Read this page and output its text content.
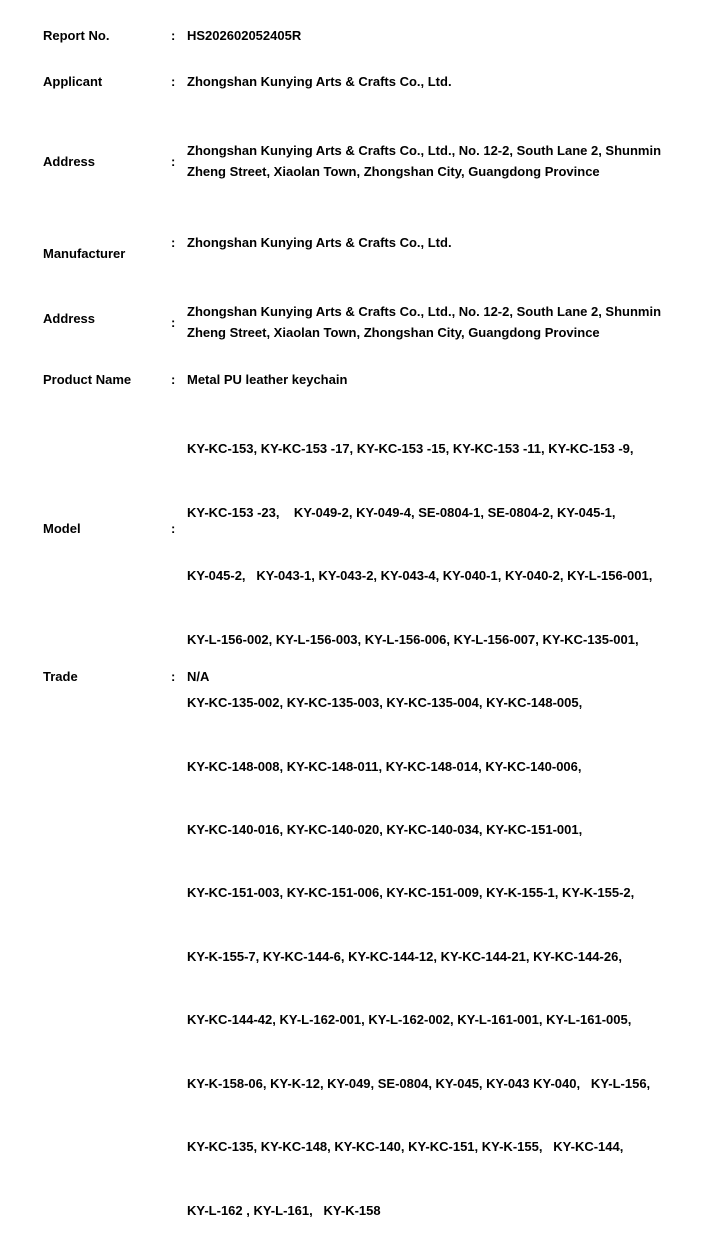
Report No.	: HS202602052405R
Applicant	: Zhongshan Kunying Arts & Crafts Co., Ltd.
Address	:
Zhongshan Kunying Arts & Crafts Co., Ltd., No. 12-2, South Lane 2, Shunmin
Zheng Street, Xiaolan Town, Zhongshan City, Guangdong Province
Manufacturer
: Zhongshan Kunying Arts & Crafts Co., Ltd.
Address	:
Zhongshan Kunying Arts & Crafts Co., Ltd., No. 12-2, South Lane 2, Shunmin
Zheng Street, Xiaolan Town, Zhongshan City, Guangdong Province
Product Name	: Metal PU leather keychain
Model	:

KY-KC-153, KY-KC-153 -17, KY-KC-153 -15, KY-KC-153 -11, KY-KC-153 -9,

KY-KC-153 -23,    KY-049-2, KY-049-4, SE-0804-1, SE-0804-2, KY-045-1,

KY-045-2,   KY-043-1, KY-043-2, KY-043-4, KY-040-1, KY-040-2, KY-L-156-001,

KY-L-156-002, KY-L-156-003, KY-L-156-006, KY-L-156-007, KY-KC-135-001,

KY-KC-135-002, KY-KC-135-003, KY-KC-135-004, KY-KC-148-005,

KY-KC-148-008, KY-KC-148-011, KY-KC-148-014, KY-KC-140-006,

KY-KC-140-016, KY-KC-140-020, KY-KC-140-034, KY-KC-151-001,

KY-KC-151-003, KY-KC-151-006, KY-KC-151-009, KY-K-155-1, KY-K-155-2,

KY-K-155-7, KY-KC-144-6, KY-KC-144-12, KY-KC-144-21, KY-KC-144-26,

KY-KC-144-42, KY-L-162-001, KY-L-162-002, KY-L-161-001, KY-L-161-005,

KY-K-158-06, KY-K-12, KY-049, SE-0804, KY-045, KY-043 KY-040,   KY-L-156,

KY-KC-135, KY-KC-148, KY-KC-140, KY-KC-151, KY-K-155,   KY-KC-144,

KY-L-162 , KY-L-161,   KY-K-158

Trade	: N/A
